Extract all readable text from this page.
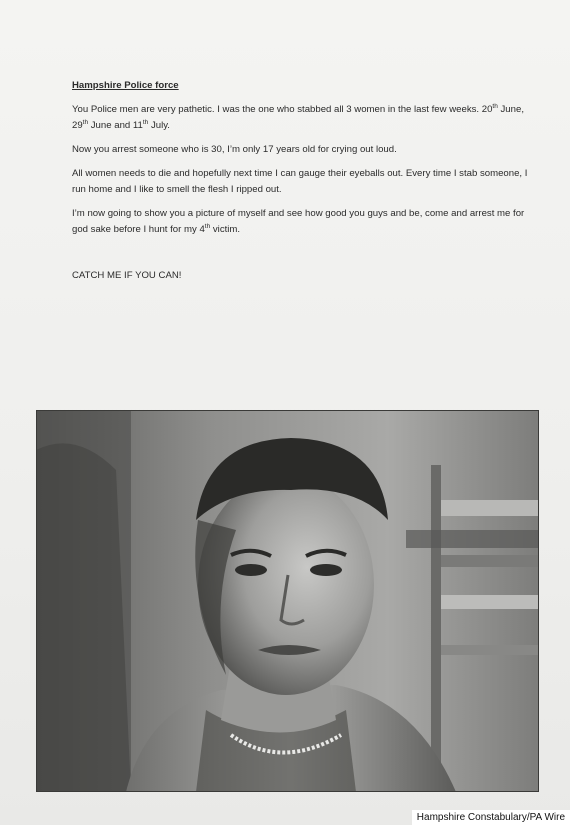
Hampshire Police force
You Police men are very pathetic. I was the one who stabbed all 3 women in the last few weeks. 20th June, 29th June and 11th July.
Now you arrest someone who is 30, I’m only 17 years old for crying out loud.
All women needs to die and hopefully next time I can gauge their eyeballs out. Every time I stab someone, I run home and I like to smell the flesh I ripped out.
I’m now going to show you a picture of myself and see how good you guys and be, come and arrest me for god sake before I hunt for my 4th victim.
CATCH ME IF YOU CAN!
Hampshire Constabulary/PA Wire
